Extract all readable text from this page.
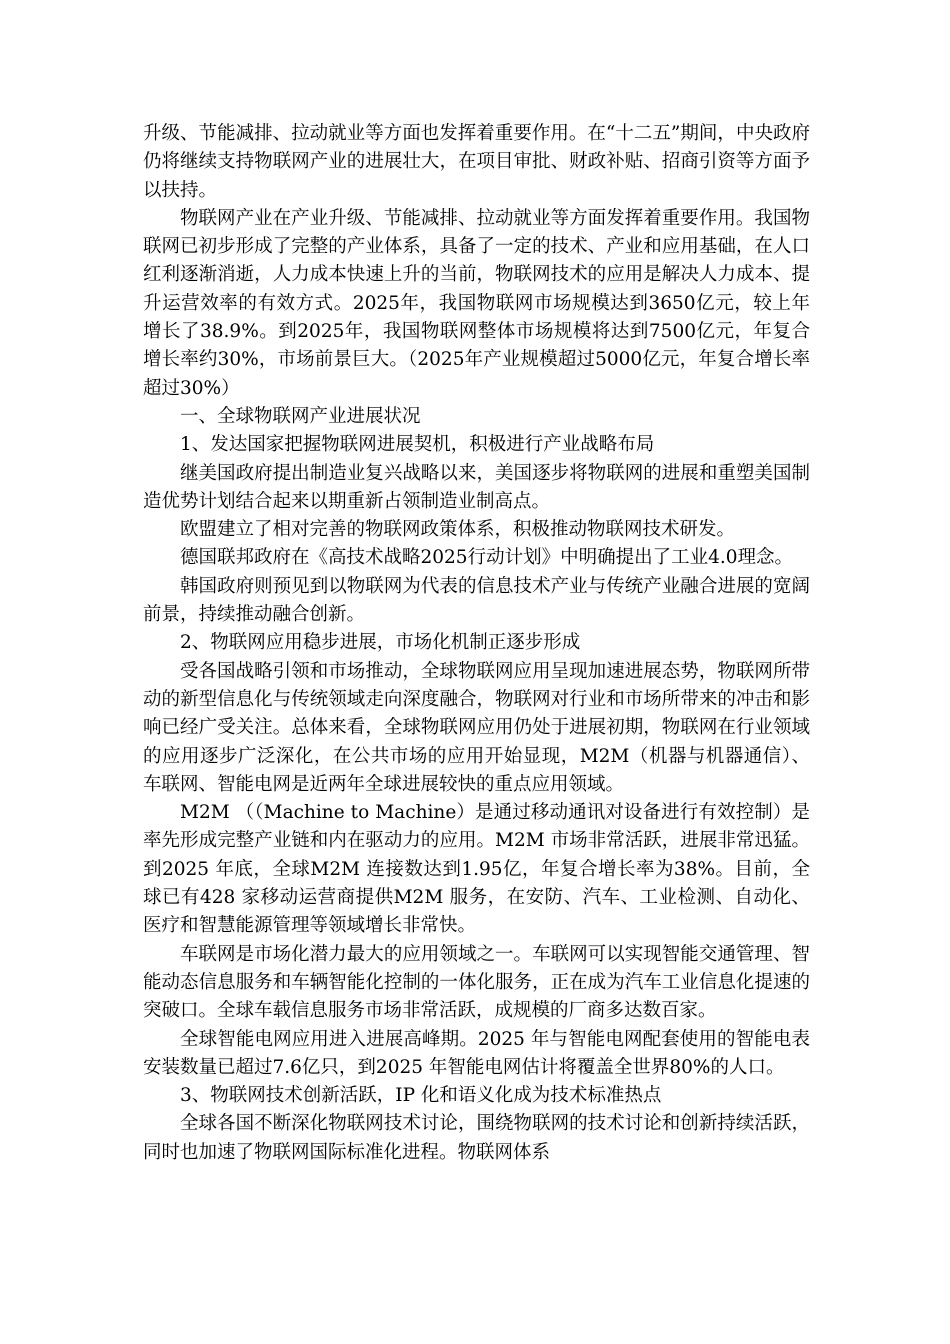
升级、节能减排、拉动就业等方面也发挥着重要作用。在“十二五”期间，中央政府仍将继续支持物联网产业的进展壮大，在项目审批、财政补贴、招商引资等方面予以扶持。

物联网产业在产业升级、节能减排、拉动就业等方面发挥着重要作用。我国物联网已初步形成了完整的产业体系，具备了一定的技术、产业和应用基础，在人口红利逐渐消逝，人力成本快速上升的当前，物联网技术的应用是解决人力成本、提升运营效率的有效方式。2025年，我国物联网市场规模达到3650亿元，较上年增长了38.9%。到2025年，我国物联网整体市场规模将达到7500亿元，年复合增长率约30%，市场前景巨大。（2025年产业规模超过5000亿元，年复合增长率超过30%）

一、全球物联网产业进展状况

1、发达国家把握物联网进展契机，积极进行产业战略布局

继美国政府提出制造业复兴战略以来，美国逐步将物联网的进展和重塑美国制造优势计划结合起来以期重新占领制造业制高点。

欧盟建立了相对完善的物联网政策体系，积极推动物联网技术研发。

德国联邦政府在《高技术战略2025行动计划》中明确提出了工业4.0理念。

韩国政府则预见到以物联网为代表的信息技术产业与传统产业融合进展的宽阔前景，持续推动融合创新。

2、物联网应用稳步进展，市场化机制正逐步形成

受各国战略引领和市场推动，全球物联网应用呈现加速进展态势，物联网所带动的新型信息化与传统领域走向深度融合，物联网对行业和市场所带来的冲击和影响已经广受关注。总体来看，全球物联网应用仍处于进展初期，物联网在行业领域的应用逐步广泛深化，在公共市场的应用开始显现，M2M（机器与机器通信）、车联网、智能电网是近两年全球进展较快的重点应用领域。

M2M （（Machine to Machine）是通过移动通讯对设备进行有效控制）是率先形成完整产业链和内在驱动力的应用。M2M 市场非常活跃，进展非常迅猛。到2025 年底，全球M2M 连接数达到1.95亿，年复合增长率为38%。目前，全球已有428 家移动运营商提供M2M 服务，在安防、汽车、工业检测、自动化、医疗和智慧能源管理等领域增长非常快。

车联网是市场化潜力最大的应用领域之一。车联网可以实现智能交通管理、智能动态信息服务和车辆智能化控制的一体化服务，正在成为汽车工业信息化提速的突破口。全球车载信息服务市场非常活跃，成规模的厂商多达数百家。

全球智能电网应用进入进展高峰期。2025 年与智能电网配套使用的智能电表安装数量已超过7.6亿只，到2025 年智能电网估计将覆盖全世界80%的人口。

3、物联网技术创新活跃，IP 化和语义化成为技术标准热点

全球各国不断深化物联网技术讨论，围绕物联网的技术讨论和创新持续活跃，同时也加速了物联网国际标准化进程。物联网体系
